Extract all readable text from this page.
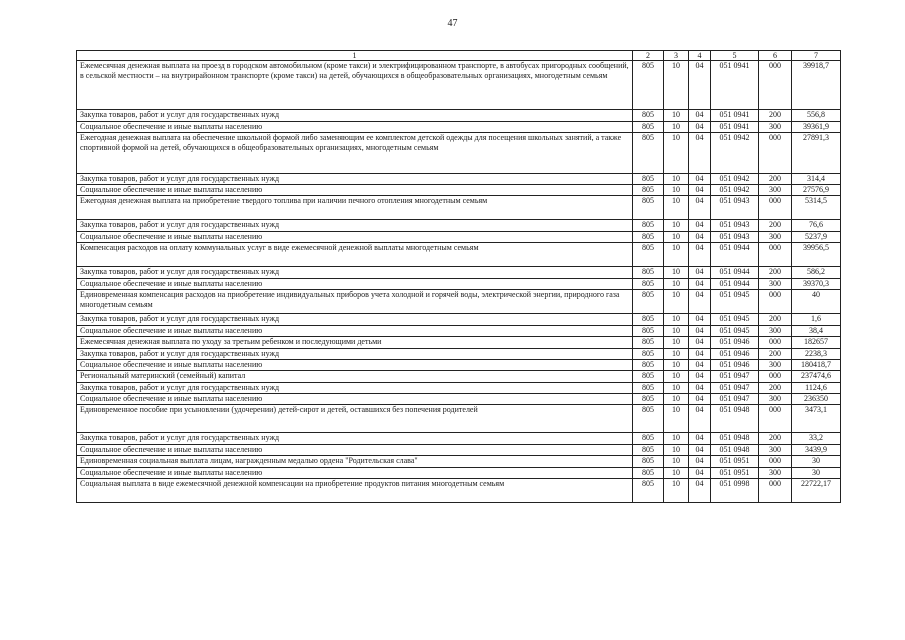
47
1	2	3	4	5	6	7
Ежемесячная денежная выплата на проезд в городском автомобильном (кроме такси) и электрифицированном транспорте, в автобусах пригородных сообщений, в сельской местности – на внутрирайонном транспорте (кроме такси) на детей, обучающихся в общеобразовательных организациях, многодетным семьям	805	10	04	051 0941	000	39918,7
Закупка товаров, работ и услуг для государственных нужд	805	10	04	051 0941	200	556,8
Социальное обеспечение и иные выплаты населению	805	10	04	051 0941	300	39361,9
Ежегодная денежная выплата на обеспечение школьной формой либо заменяющим ее комплектом детской одежды для посещения школьных занятий, а также спортивной формой на детей, обучающихся в общеобразовательных организациях, многодетным семьям	805	10	04	051 0942	000	27891,3
Закупка товаров, работ и услуг для государственных нужд	805	10	04	051 0942	200	314,4
Социальное обеспечение и иные выплаты населению	805	10	04	051 0942	300	27576,9
Ежегодная денежная выплата на приобретение твердого топлива при наличии печного отопления многодетным семьям	805	10	04	051 0943	000	5314,5
Закупка товаров, работ и услуг для государственных нужд	805	10	04	051 0943	200	76,6
Социальное обеспечение и иные выплаты населению	805	10	04	051 0943	300	5237,9
Компенсация расходов на оплату коммунальных услуг в виде ежемесячной денежной выплаты многодетным семьям	805	10	04	051 0944	000	39956,5
Закупка товаров, работ и услуг для государственных нужд	805	10	04	051 0944	200	586,2
Социальное обеспечение и иные выплаты населению	805	10	04	051 0944	300	39370,3
Единовременная компенсация расходов на приобретение индивидуальных приборов учета холодной и горячей воды, электрической энергии, природного газа многодетным семьям	805	10	04	051 0945	000	40
Закупка товаров, работ и услуг для государственных нужд	805	10	04	051 0945	200	1,6
Социальное обеспечение и иные выплаты населению	805	10	04	051 0945	300	38,4
Ежемесячная денежная выплата по уходу за третьим ребенком и последующими детьми	805	10	04	051 0946	000	182657
Закупка товаров, работ и услуг для государственных нужд	805	10	04	051 0946	200	2238,3
Социальное обеспечение и иные выплаты населению	805	10	04	051 0946	300	180418,7
Региональный материнский (семейный) капитал	805	10	04	051 0947	000	237474,6
Закупка товаров, работ и услуг для государственных нужд	805	10	04	051 0947	200	1124,6
Социальное обеспечение и иные выплаты населению	805	10	04	051 0947	300	236350
Единовременное пособие при усыновлении (удочерении) детей-сирот и детей, оставшихся без попечения родителей	805	10	04	051 0948	000	3473,1
Закупка товаров, работ и услуг для государственных нужд	805	10	04	051 0948	200	33,2
Социальное обеспечение и иные выплаты населению	805	10	04	051 0948	300	3439,9
Единовременная социальная выплата лицам, награжденным медалью ордена "Родительская слава"	805	10	04	051 0951	000	30
Социальное обеспечение и иные выплаты населению	805	10	04	051 0951	300	30
Социальная выплата в виде ежемесячной денежной компенсации на приобретение продуктов питания многодетным семьям	805	10	04	051 0998	000	22722,17
